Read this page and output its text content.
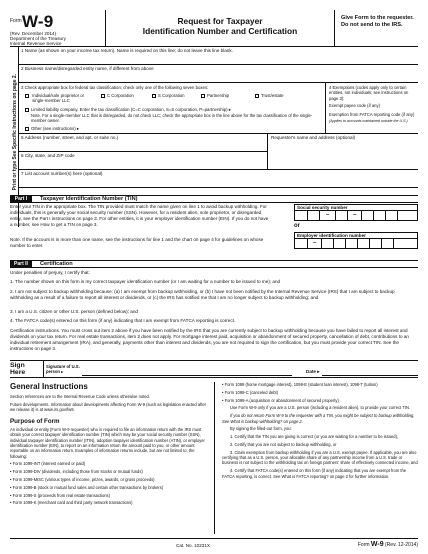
Form W-9
(Rev. December 2014)
Department of the Treasury
Internal Revenue Service
Request for Taxpayer
Identification Number and Certification
Give Form to the requester. Do not send to the IRS.
Print or type See Specific Instructions on page 2.
1 Name (as shown on your income tax return). Name is required on this line; do not leave this line blank.
2 Business name/disregarded entity name, if different from above
3 Check appropriate box for federal tax classification; check only one of the following seven boxes:
Individual/sole proprietor or single-member LLC
C Corporation	S Corporation	Partnership	Trust/estate
Limited liability company. Enter the tax classification (C=C corporation, S=S corporation, P=partnership) ▸
Note. For a single-member LLC that is disregarded, do not check LLC; check the appropriate box in the line above for the tax classification of the single-member owner.
Other (see instructions) ▸
4 Exemptions (codes apply only to certain entities, not individuals; see instructions on page 3):
Exempt payee code (if any)
Exemption from FATCA reporting code (if any)
(Applies to accounts maintained outside the U.S.)
5 Address (number, street, and apt. or suite no.)
6 City, state, and ZIP code
Requester's name and address (optional)
7 List account number(s) here (optional)
Part I	Taxpayer Identification Number (TIN)
Enter your TIN in the appropriate box. The TIN provided must match the name given on line 1 to avoid backup withholding. For individuals, this is generally your social security number (SSN). However, for a resident alien, sole proprietor, or disregarded entity, see the Part I instructions on page 3. For other entities, it is your employer identification number (EIN). If you do not have a number, see How to get a TIN on page 3.
Note. If the account is in more than one name, see the instructions for line 1 and the chart on page 4 for guidelines on whose number to enter.
Social security number
–	–
or
Employer identification number
–
Part II	Certification
Under penalties of perjury, I certify that:
1. The number shown on this form is my correct taxpayer identification number (or I am waiting for a number to be issued to me); and
2. I am not subject to backup withholding because: (a) I am exempt from backup withholding, or (b) I have not been notified by the Internal Revenue Service (IRS) that I am subject to backup withholding as a result of a failure to report all interest or dividends, or (c) the IRS has notified me that I am no longer subject to backup withholding; and
3. I am a U.S. citizen or other U.S. person (defined below); and
4. The FATCA code(s) entered on this form (if any) indicating that I am exempt from FATCA reporting is correct.
Certification instructions. You must cross out item 2 above if you have been notified by the IRS that you are currently subject to backup withholding because you have failed to report all interest and dividends on your tax return. For real estate transactions, item 2 does not apply. For mortgage interest paid, acquisition or abandonment of secured property, cancellation of debt, contributions to an individual retirement arrangement (IRA), and generally, payments other than interest and dividends, you are not required to sign the certification, but you must provide your correct TIN. See the instructions on page 3.
Sign Here
Signature of U.S. person ▸	Date ▸
General Instructions

Section references are to the Internal Revenue Code unless otherwise noted.

Future developments. Information about developments affecting Form W-9 (such as legislation enacted after we release it) is at www.irs.gov/fw9.

Purpose of Form

An individual or entity (Form W-9 requester) who is required to file an information return with the IRS must obtain your correct taxpayer identification number (TIN) which may be your social security number (SSN), individual taxpayer identification number (ITIN), adoption taxpayer identification number (ATIN), or employer identification number (EIN), to report on an information return the amount paid to you, or other amount reportable on an information return. Examples of information returns include, but are not limited to, the following:

• Form 1099-INT (interest earned or paid)

• Form 1099-DIV (dividends, including those from stocks or mutual funds)

• Form 1099-MISC (various types of income, prizes, awards, or gross proceeds)

• Form 1099-B (stock or mutual fund sales and certain other transactions by brokers)

• Form 1099-S (proceeds from real estate transactions)

• Form 1099-K (merchant card and third party network transactions)

• Form 1098 (home mortgage interest), 1098-E (student loan interest), 1098-T (tuition)

• Form 1099-C (canceled debt)

• Form 1099-A (acquisition or abandonment of secured property)

Use Form W-9 only if you are a U.S. person (including a resident alien), to provide your correct TIN.

If you do not return Form W-9 to the requester with a TIN, you might be subject to backup withholding. See What is backup withholding? on page 2.

By signing the filled-out form, you:

1. Certify that the TIN you are giving is correct (or you are waiting for a number to be issued),

2. Certify that you are not subject to backup withholding, or

3. Claim exemption from backup withholding if you are a U.S. exempt payee. If applicable, you are also certifying that as a U.S. person, your allocable share of any partnership income from a U.S. trade or business is not subject to the withholding tax on foreign partners' share of effectively connected income, and

4. Certify that FATCA code(s) entered on this form (if any) indicating that you are exempt from the FATCA reporting, is correct. See What is FATCA reporting? on page 2 for further information.

Cat. No. 10231X	Form W-9 (Rev. 12-2014)
